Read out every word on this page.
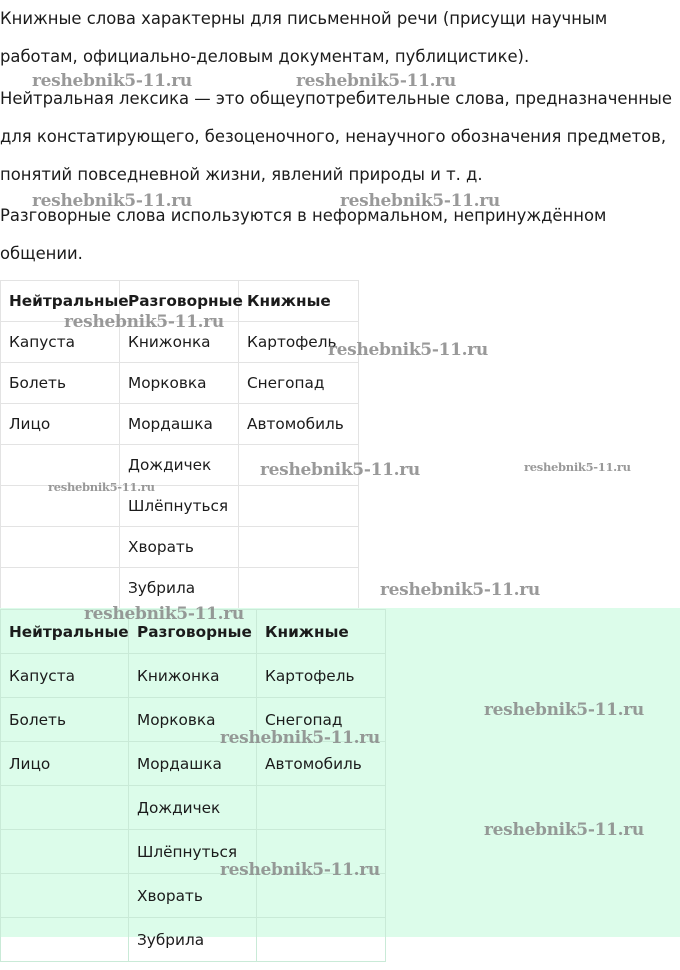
Книжные слова характерны для письменной речи (присущи научным работам, официально-деловым документам, публицистике).

Нейтральная лексика — это общеупотребительные слова, предназначенные для констатирующего, безоценочного, ненаучного обозначения предметов, понятий повседневной жизни, явлений природы и т. д.

Разговорные слова используются в неформальном, непринуждённом общении.

Нейтральные	Разговорные	Книжные
Капуста	Книжонка	Картофель
Болеть	Морковка	Снегопад
Лицо	Мордашка	Автомобиль
	Дождичек	
	Шлёпнуться	
	Хворать	
	Зубрила	
Нейтральные	Разговорные	Книжные
Капуста	Книжонка	Картофель
Болеть	Морковка	Снегопад
Лицо	Мордашка	Автомобиль
	Дождичек	
	Шлёпнуться	
	Хворать	
	Зубрила	
reshebnik5-11.ru	reshebnik5-11.ru
reshebnik5-11.ru	reshebnik5-11.ru
reshebnik5-11.ru
reshebnik5-11.ru
reshebnik5-11.ru	reshebnik5-11.ru
reshebnik5-11.ru
reshebnik5-11.ru
reshebnik5-11.ru
reshebnik5-11.ru
reshebnik5-11.ru
reshebnik5-11.ru
reshebnik5-11.ru
